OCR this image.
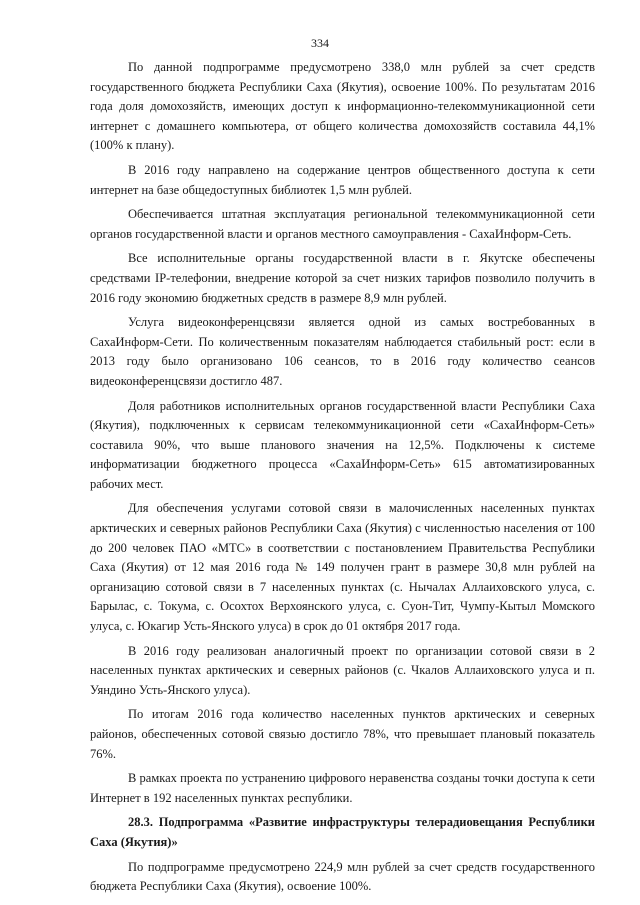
334

По данной подпрограмме предусмотрено 338,0 млн рублей за счет средств государственного бюджета Республики Саха (Якутия), освоение 100%. По результатам 2016 года доля домохозяйств, имеющих доступ к информационно-телекоммуникационной сети интернет с домашнего компьютера, от общего количества домохозяйств составила 44,1% (100% к плану).

В 2016 году направлено на содержание центров общественного доступа к сети интернет на базе общедоступных библиотек 1,5 млн рублей.

Обеспечивается штатная эксплуатация региональной телекоммуникационной сети органов государственной власти и органов местного самоуправления - СахаИнформ-Сеть.

Все исполнительные органы государственной власти в г. Якутске обеспечены средствами IP-телефонии, внедрение которой за счет низких тарифов позволило получить в 2016 году экономию бюджетных средств в размере 8,9 млн рублей.

Услуга видеоконференцсвязи является одной из самых востребованных в СахаИнформ-Сети. По количественным показателям наблюдается стабильный рост: если в 2013 году было организовано 106 сеансов, то в 2016 году количество сеансов видеоконференцсвязи достигло 487.

Доля работников исполнительных органов государственной власти Республики Саха (Якутия), подключенных к сервисам телекоммуникационной сети «СахаИнформ-Сеть» составила 90%, что выше планового значения на 12,5%. Подключены к системе информатизации бюджетного процесса «СахаИнформ-Сеть» 615 автоматизированных рабочих мест.

Для обеспечения услугами сотовой связи в малочисленных населенных пунктах арктических и северных районов Республики Саха (Якутия) с численностью населения от 100 до 200 человек ПАО «МТС» в соответствии с постановлением Правительства Республики Саха (Якутия) от 12 мая 2016 года № 149 получен грант в размере 30,8 млн рублей на организацию сотовой связи в 7 населенных пунктах (с. Нычалах Аллаиховского улуса, с. Барылас, с. Токума, с. Осохтох Верхоянского улуса, с. Суон-Тит, Чумпу-Кытыл Момского улуса, с. Юкагир Усть-Янского улуса) в срок до 01 октября 2017 года.

В 2016 году реализован аналогичный проект по организации сотовой связи в 2 населенных пунктах арктических и северных районов (с. Чкалов Аллаиховского улуса и п. Уяндино Усть-Янского улуса).

По итогам 2016 года количество населенных пунктов арктических и северных районов, обеспеченных сотовой связью достигло 78%, что превышает плановый показатель 76%.

В рамках проекта по устранению цифрового неравенства созданы точки доступа к сети Интернет в 192 населенных пунктах республики.

28.3. Подпрограмма «Развитие инфраструктуры телерадиовещания Республики Саха (Якутия)»

По подпрограмме предусмотрено 224,9 млн рублей за счет средств государственного бюджета Республики Саха (Якутия), освоение 100%.
